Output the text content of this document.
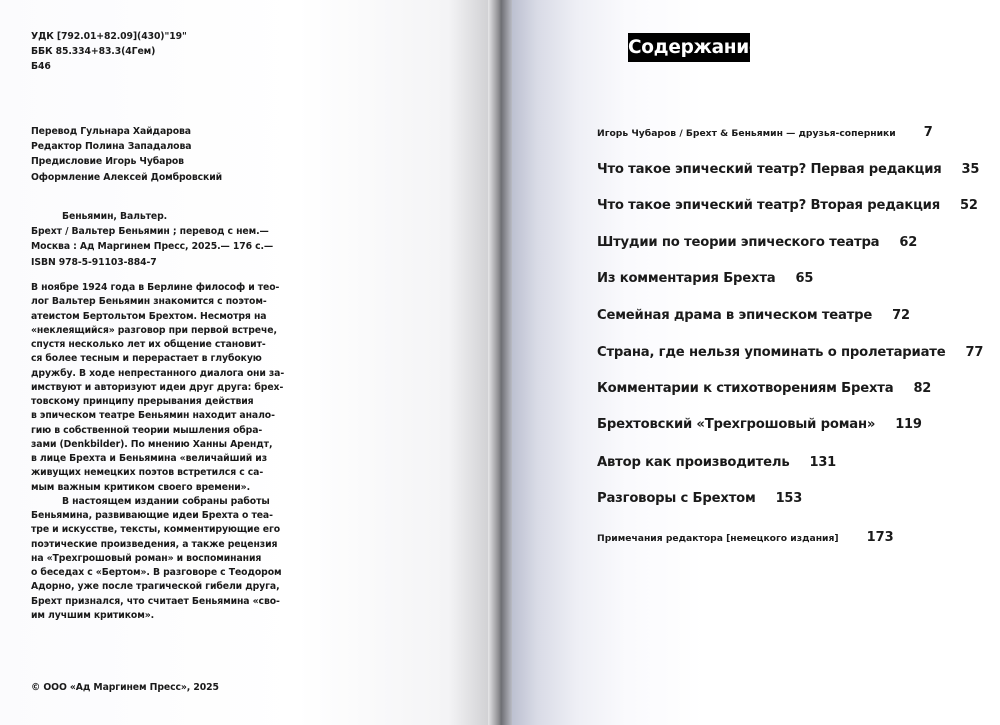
УДК [792.01+82.09](430)"19"
ББК 85.334+83.3(4Гем)
Б46
Перевод Гульнара Хайдарова
Редактор Полина Западалова
Предисловие Игорь Чубаров
Оформление Алексей Домбровский
Беньямин, Вальтер.
Брехт / Вальтер Беньямин ; перевод с нем.—
Москва : Ад Маргинем Пресс, 2025.— 176 с.—
ISBN 978-5-91103-884-7
В ноябре 1924 года в Берлине философ и тео-
лог Вальтер Беньямин знакомится с поэтом-
атеистом Бертольтом Брехтом. Несмотря на
«неклеящийся» разговор при первой встрече,
спустя несколько лет их общение становит-
ся более тесным и перерастает в глубокую
дружбу. В ходе непрестанного диалога они за-
имствуют и авторизуют идеи друг друга: брех-
товскому принципу прерывания действия
в эпическом театре Беньямин находит анало-
гию в собственной теории мышления обра-
зами (Denkbilder). По мнению Ханны Арендт,
в лице Брехта и Беньямина «величайший из
живущих немецких поэтов встретился с са-
мым важным критиком своего времени».
В настоящем издании собраны работы
Беньямина, развивающие идеи Брехта о теа-
тре и искусстве, тексты, комментирующие его
поэтические произведения, а также рецензия
на «Трехгрошовый роман» и воспоминания
о беседах с «Бертом». В разговоре с Теодором
Адорно, уже после трагической гибели друга,
Брехт признался, что считает Беньямина «сво-
им лучшим критиком».
© ООО «Ад Маргинем Пресс», 2025
Содержание
Игорь Чубаров / Брехт & Беньямин — друзья-соперники 7
Что такое эпический театр? Первая редакция 35
Что такое эпический театр? Вторая редакция 52
Штудии по теории эпического театра 62
Из комментария Брехта 65
Семейная драма в эпическом театре 72
Страна, где нельзя упоминать о пролетариате 77
Комментарии к стихотворениям Брехта 82
Брехтовский «Трехгрошовый роман» 119
Автор как производитель 131
Разговоры с Брехтом 153
Примечания редактора [немецкого издания] 173
